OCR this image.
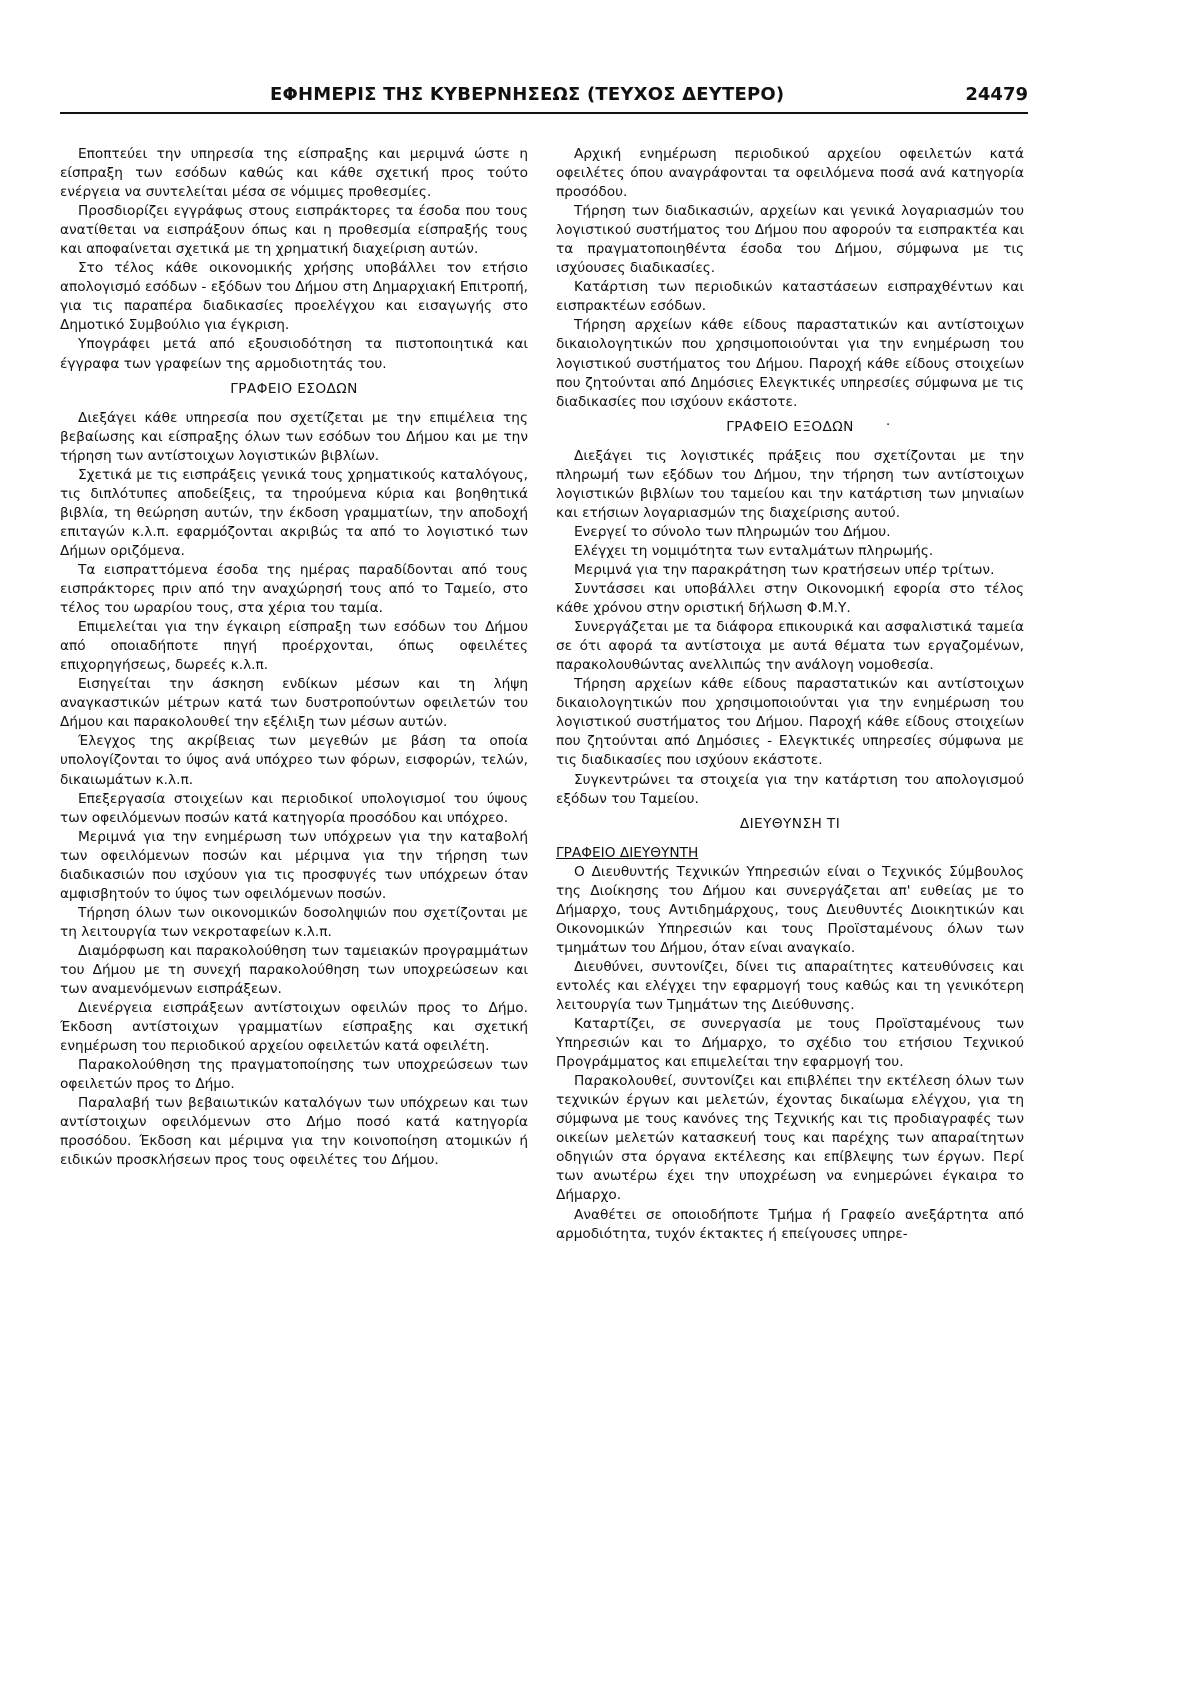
ΕΦΗΜΕΡΙΣ ΤΗΣ ΚΥΒΕΡΝΗΣΕΩΣ (ΤΕΥΧΟΣ ΔΕΥΤΕΡΟ)	24479

Εποπτεύει την υπηρεσία της είσπραξης και μεριμνά ώστε η είσπραξη των εσόδων καθώς και κάθε σχετική προς τούτο ενέργεια να συντελείται μέσα σε νόμιμες προθεσμίες.

Προσδιορίζει εγγράφως στους εισπράκτορες τα έσοδα που τους ανατίθεται να εισπράξουν όπως και η προθεσμία είσπραξής τους και αποφαίνεται σχετικά με τη χρηματική διαχείριση αυτών.

Στο τέλος κάθε οικονομικής χρήσης υποβάλλει τον ετήσιο απολογισμό εσόδων - εξόδων του Δήμου στη Δημαρχιακή Επιτροπή, για τις παραπέρα διαδικασίες προελέγχου και εισαγωγής στο Δημοτικό Συμβούλιο για έγκριση.

Υπογράφει μετά από εξουσιοδότηση τα πιστοποιητικά και έγγραφα των γραφείων της αρμοδιοτητάς του.

ΓΡΑΦΕΙΟ ΕΣΟΔΩΝ

Διεξάγει κάθε υπηρεσία που σχετίζεται με την επιμέλεια της βεβαίωσης και είσπραξης όλων των εσόδων του Δήμου και με την τήρηση των αντίστοιχων λογιστικών βιβλίων.

Σχετικά με τις εισπράξεις γενικά τους χρηματικούς καταλόγους, τις διπλότυπες αποδείξεις, τα τηρούμενα κύρια και βοηθητικά βιβλία, τη θεώρηση αυτών, την έκδοση γραμματίων, την αποδοχή επιταγών κ.λ.π. εφαρμόζονται ακριβώς τα από το λογιστικό των Δήμων οριζόμενα.

Τα εισπραττόμενα έσοδα της ημέρας παραδίδονται από τους εισπράκτορες πριν από την αναχώρησή τους από το Ταμείο, στο τέλος του ωραρίου τους, στα χέρια του ταμία.

Επιμελείται για την έγκαιρη είσπραξη των εσόδων του Δήμου από οποιαδήποτε πηγή προέρχονται, όπως οφειλέτες επιχορηγήσεως, δωρεές κ.λ.π.

Εισηγείται την άσκηση ενδίκων μέσων και τη λήψη αναγκαστικών μέτρων κατά των δυστροπούντων οφειλετών του Δήμου και παρακολουθεί την εξέλιξη των μέσων αυτών.

Έλεγχος της ακρίβειας των μεγεθών με βάση τα οποία υπολογίζονται το ύψος ανά υπόχρεο των φόρων, εισφορών, τελών, δικαιωμάτων κ.λ.π.

Επεξεργασία στοιχείων και περιοδικοί υπολογισμοί του ύψους των οφειλόμενων ποσών κατά κατηγορία προσόδου και υπόχρεο.

Μεριμνά για την ενημέρωση των υπόχρεων για την καταβολή των οφειλόμενων ποσών και μέριμνα για την τήρηση των διαδικασιών που ισχύουν για τις προσφυγές των υπόχρεων όταν αμφισβητούν το ύψος των οφειλόμενων ποσών.

Τήρηση όλων των οικονομικών δοσοληψιών που σχετίζονται με τη λειτουργία των νεκροταφείων κ.λ.π.

Διαμόρφωση και παρακολούθηση των ταμειακών προγραμμάτων του Δήμου με τη συνεχή παρακολούθηση των υποχρεώσεων και των αναμενόμενων εισπράξεων.

Διενέργεια εισπράξεων αντίστοιχων οφειλών προς το Δήμο. Έκδοση αντίστοιχων γραμματίων είσπραξης και σχετική ενημέρωση του περιοδικού αρχείου οφειλετών κατά οφειλέτη.

Παρακολούθηση της πραγματοποίησης των υποχρεώσεων των οφειλετών προς το Δήμο.

Παραλαβή των βεβαιωτικών καταλόγων των υπόχρεων και των αντίστοιχων οφειλόμενων στο Δήμο ποσό κατά κατηγορία προσόδου. Έκδοση και μέριμνα για την κοινοποίηση ατομικών ή ειδικών προσκλήσεων προς τους οφειλέτες του Δήμου.

Αρχική ενημέρωση περιοδικού αρχείου οφειλετών κατά οφειλέτες όπου αναγράφονται τα οφειλόμενα ποσά ανά κατηγορία προσόδου.

Τήρηση των διαδικασιών, αρχείων και γενικά λογαριασμών του λογιστικού συστήματος του Δήμου που αφορούν τα εισπρακτέα και τα πραγματοποιηθέντα έσοδα του Δήμου, σύμφωνα με τις ισχύουσες διαδικασίες.

Κατάρτιση των περιοδικών καταστάσεων εισπραχθέντων και εισπρακτέων εσόδων.

Τήρηση αρχείων κάθε είδους παραστατικών και αντίστοιχων δικαιολογητικών που χρησιμοποιούνται για την ενημέρωση του λογιστικού συστήματος του Δήμου. Παροχή κάθε είδους στοιχείων που ζητούνται από Δημόσιες Ελεγκτικές υπηρεσίες σύμφωνα με τις διαδικασίες που ισχύουν εκάστοτε.

ΓΡΑΦΕΙΟ ΕΞΟΔΩΝ ·

Διεξάγει τις λογιστικές πράξεις που σχετίζονται με την πληρωμή των εξόδων του Δήμου, την τήρηση των αντίστοιχων λογιστικών βιβλίων του ταμείου και την κατάρτιση των μηνιαίων και ετήσιων λογαριασμών της διαχείρισης αυτού.

Ενεργεί το σύνολο των πληρωμών του Δήμου.

Ελέγχει τη νομιμότητα των ενταλμάτων πληρωμής.

Μεριμνά για την παρακράτηση των κρατήσεων υπέρ τρίτων.

Συντάσσει και υποβάλλει στην Οικονομική εφορία στο τέλος κάθε χρόνου στην οριστική δήλωση Φ.Μ.Υ.

Συνεργάζεται με τα διάφορα επικουρικά και ασφαλιστικά ταμεία σε ότι αφορά τα αντίστοιχα με αυτά θέματα των εργαζομένων, παρακολουθώντας ανελλιπώς την ανάλογη νομοθεσία.

Τήρηση αρχείων κάθε είδους παραστατικών και αντίστοιχων δικαιολογητικών που χρησιμοποιούνται για την ενημέρωση του λογιστικού συστήματος του Δήμου. Παροχή κάθε είδους στοιχείων που ζητούνται από Δημόσιες - Ελεγκτικές υπηρεσίες σύμφωνα με τις διαδικασίες που ισχύουν εκάστοτε.

Συγκεντρώνει τα στοιχεία για την κατάρτιση του απολογισμού εξόδων του Ταμείου.

ΔΙΕΥΘΥΝΣΗ ΤΙ
ΓΡΑΦΕΙΟ ΔΙΕΥΘΥΝΤΗ

Ο Διευθυντής Τεχνικών Υπηρεσιών είναι ο Τεχνικός Σύμβουλος της Διοίκησης του Δήμου και συνεργάζεται απ' ευθείας με το Δήμαρχο, τους Αντιδημάρχους, τους Διευθυντές Διοικητικών και Οικονομικών Υπηρεσιών και τους Προϊσταμένους όλων των τμημάτων του Δήμου, όταν είναι αναγκαίο.

Διευθύνει, συντονίζει, δίνει τις απαραίτητες κατευθύνσεις και εντολές και ελέγχει την εφαρμογή τους καθώς και τη γενικότερη λειτουργία των Τμημάτων της Διεύθυνσης.

Καταρτίζει, σε συνεργασία με τους Προϊσταμένους των Υπηρεσιών και το Δήμαρχο, το σχέδιο του ετήσιου Τεχνικού Προγράμματος και επιμελείται την εφαρμογή του.

Παρακολουθεί, συντονίζει και επιβλέπει την εκτέλεση όλων των τεχνικών έργων και μελετών, έχοντας δικαίωμα ελέγχου, για τη σύμφωνα με τους κανόνες της Τεχνικής και τις προδιαγραφές των οικείων μελετών κατασκευή τους και παρέχης των απαραίτητων οδηγιών στα όργανα εκτέλεσης και επίβλεψης των έργων. Περί των ανωτέρω έχει την υποχρέωση να ενημερώνει έγκαιρα το Δήμαρχο.

Αναθέτει σε οποιοδήποτε Τμήμα ή Γραφείο ανεξάρτητα από αρμοδιότητα, τυχόν έκτακτες ή επείγουσες υπηρε-
